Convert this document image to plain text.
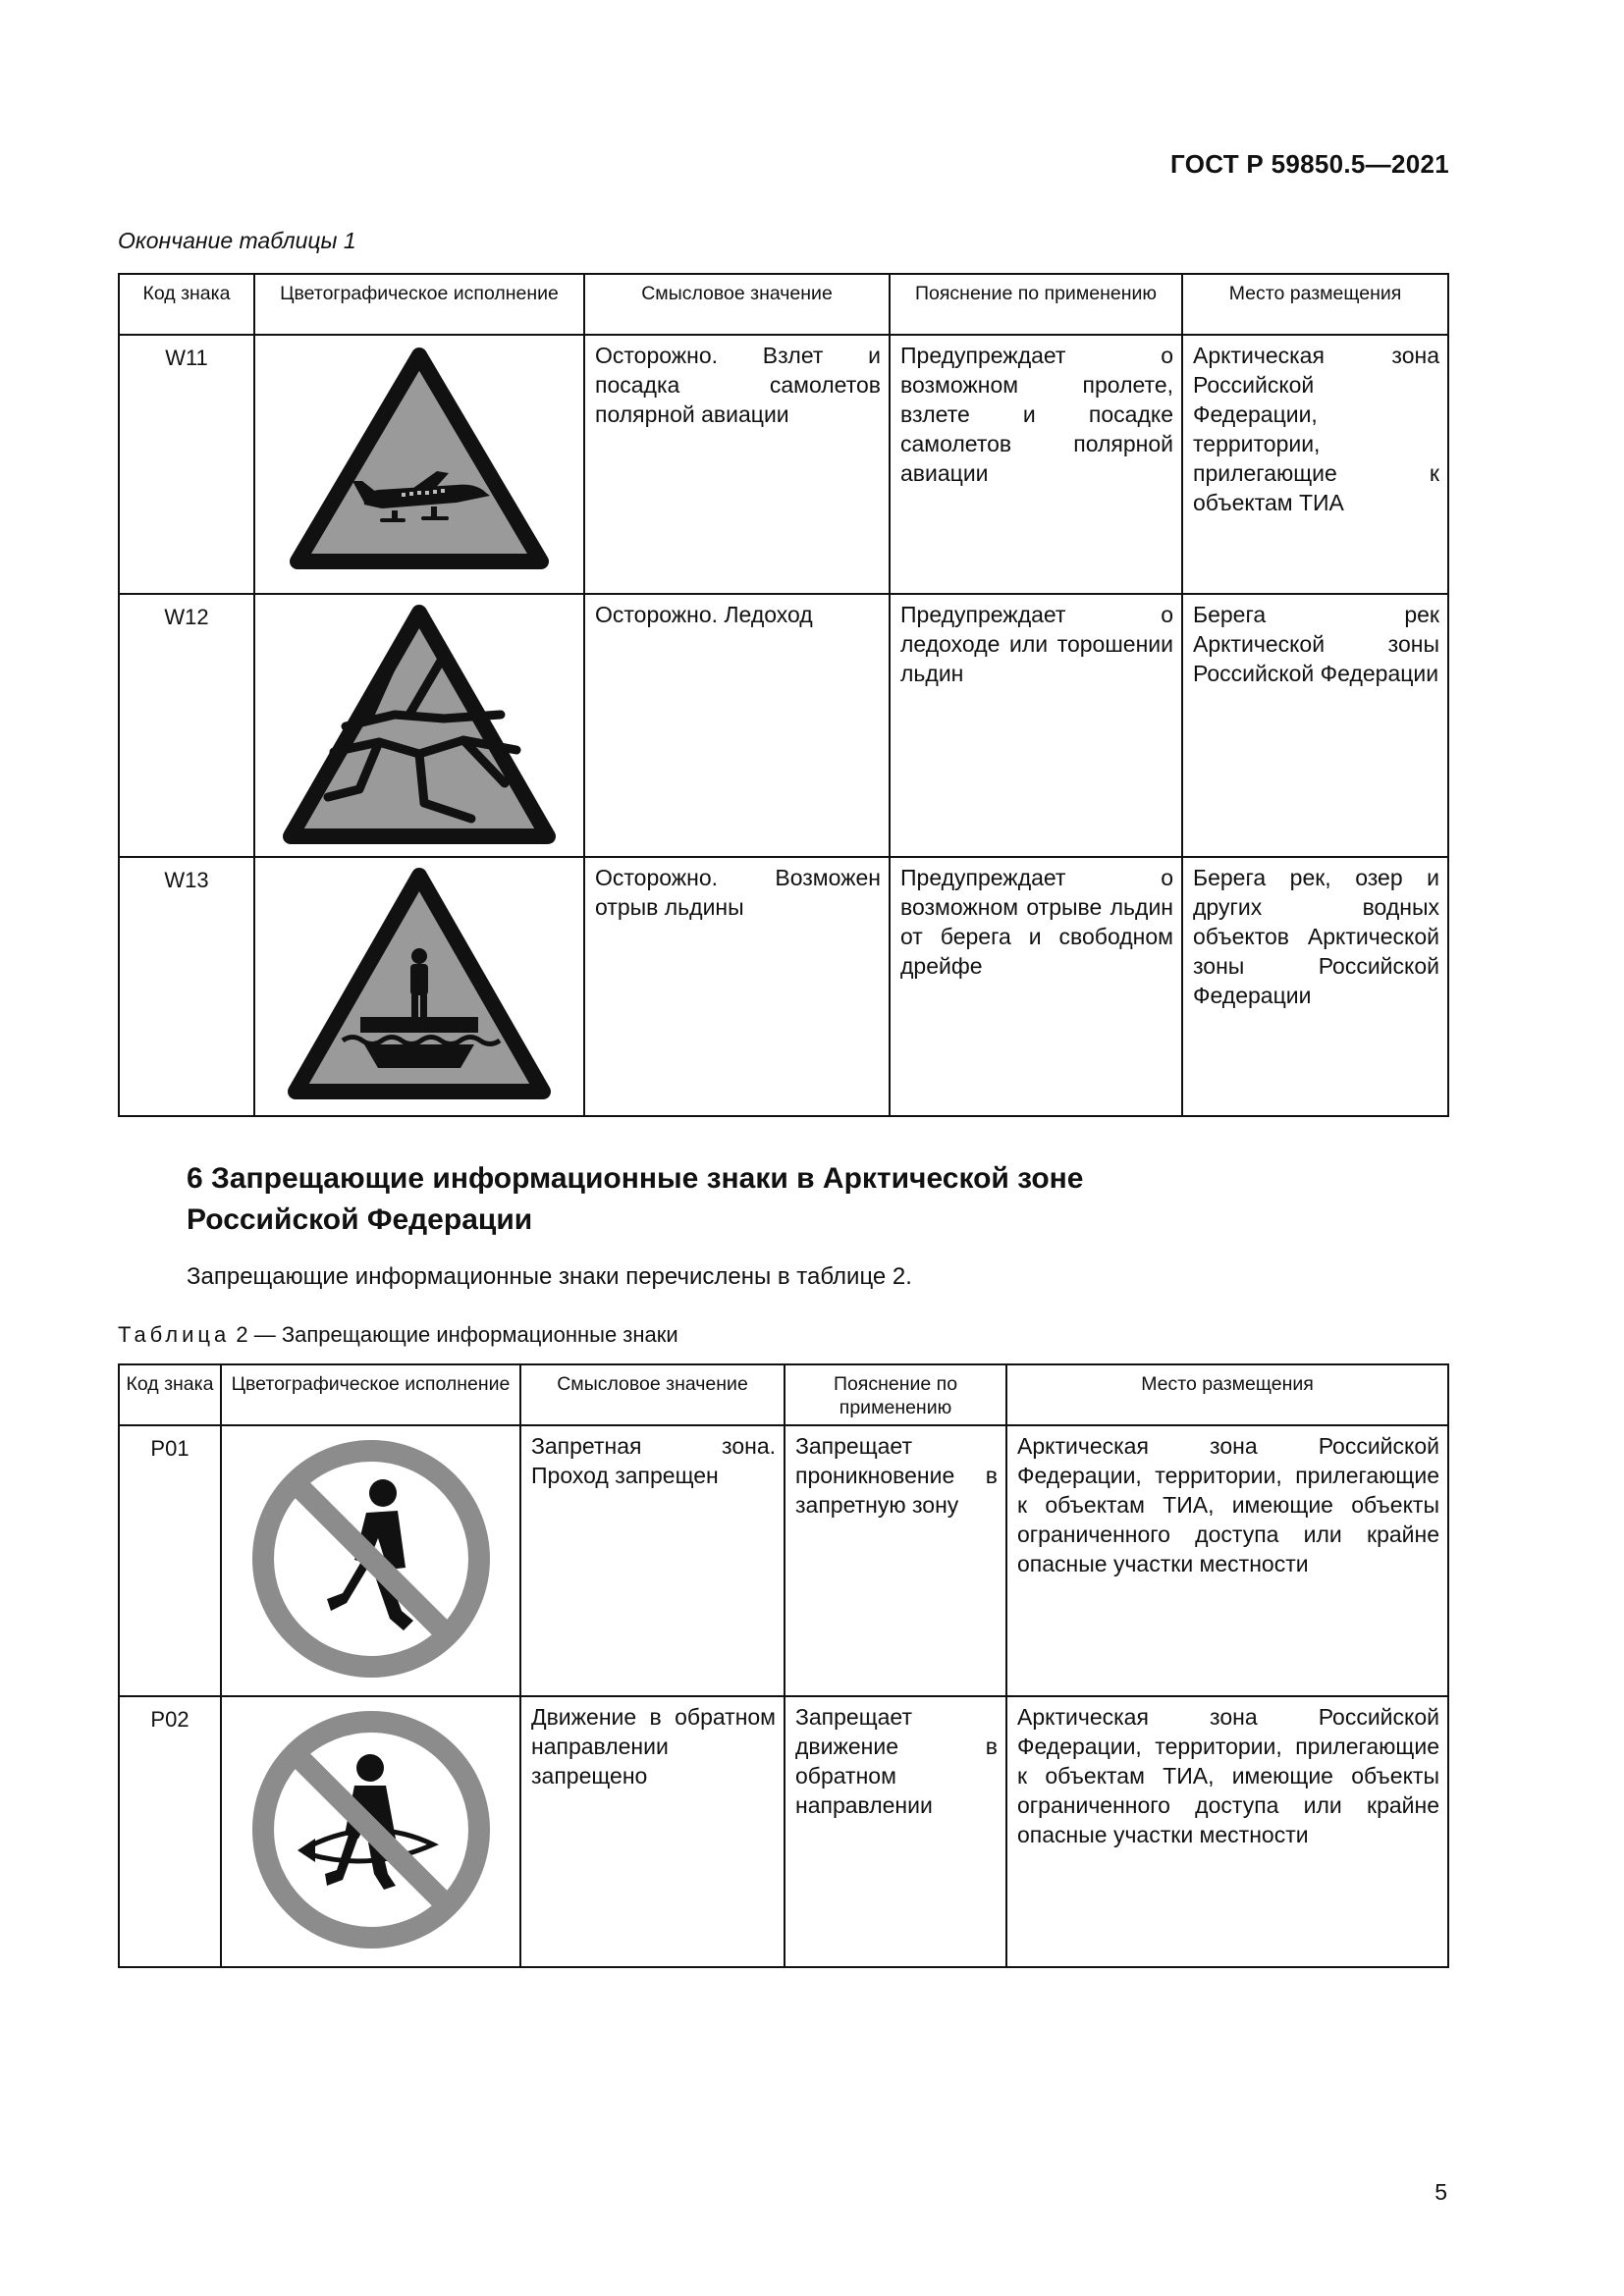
ГОСТ Р 59850.5—2021
Окончание таблицы 1
Код знака	Цветографическое исполнение	Смысловое значение	Пояснение по применению	Место размещения
W11		Осторожно. Взлет и посадка самолетов полярной авиации	Предупреждает о возможном пролете, взлете и посадке самолетов полярной авиации	Арктическая зона Российской Федерации, территории, прилегающие к объектам ТИА
W12		Осторожно. Ледоход	Предупреждает о ледоходе или торошении льдин	Берега рек Арктической зоны Российской Федерации
W13		Осторожно. Возможен отрыв льдины	Предупреждает о возможном отрыве льдин от берега и свободном дрейфе	Берега рек, озер и других водных объектов Арктической зоны Российской Федерации
6 Запрещающие информационные знаки в Арктической зоне
Российской Федерации
Запрещающие информационные знаки перечислены в таблице 2.
Таблица 2 — Запрещающие информационные знаки
Код знака	Цветографическое исполнение	Смысловое значение	Пояснение по применению	Место размещения
P01		Запретная зона. Проход запрещен	Запрещает проникновение в запретную зону	Арктическая зона Российской Федерации, территории, прилегающие к объектам ТИА, имеющие объекты ограниченного доступа или крайне опасные участки местности
P02		Движение в обратном направлении запрещено	Запрещает движение в обратном направлении	Арктическая зона Российской Федерации, территории, прилегающие к объектам ТИА, имеющие объекты ограниченного доступа или крайне опасные участки местности
5
